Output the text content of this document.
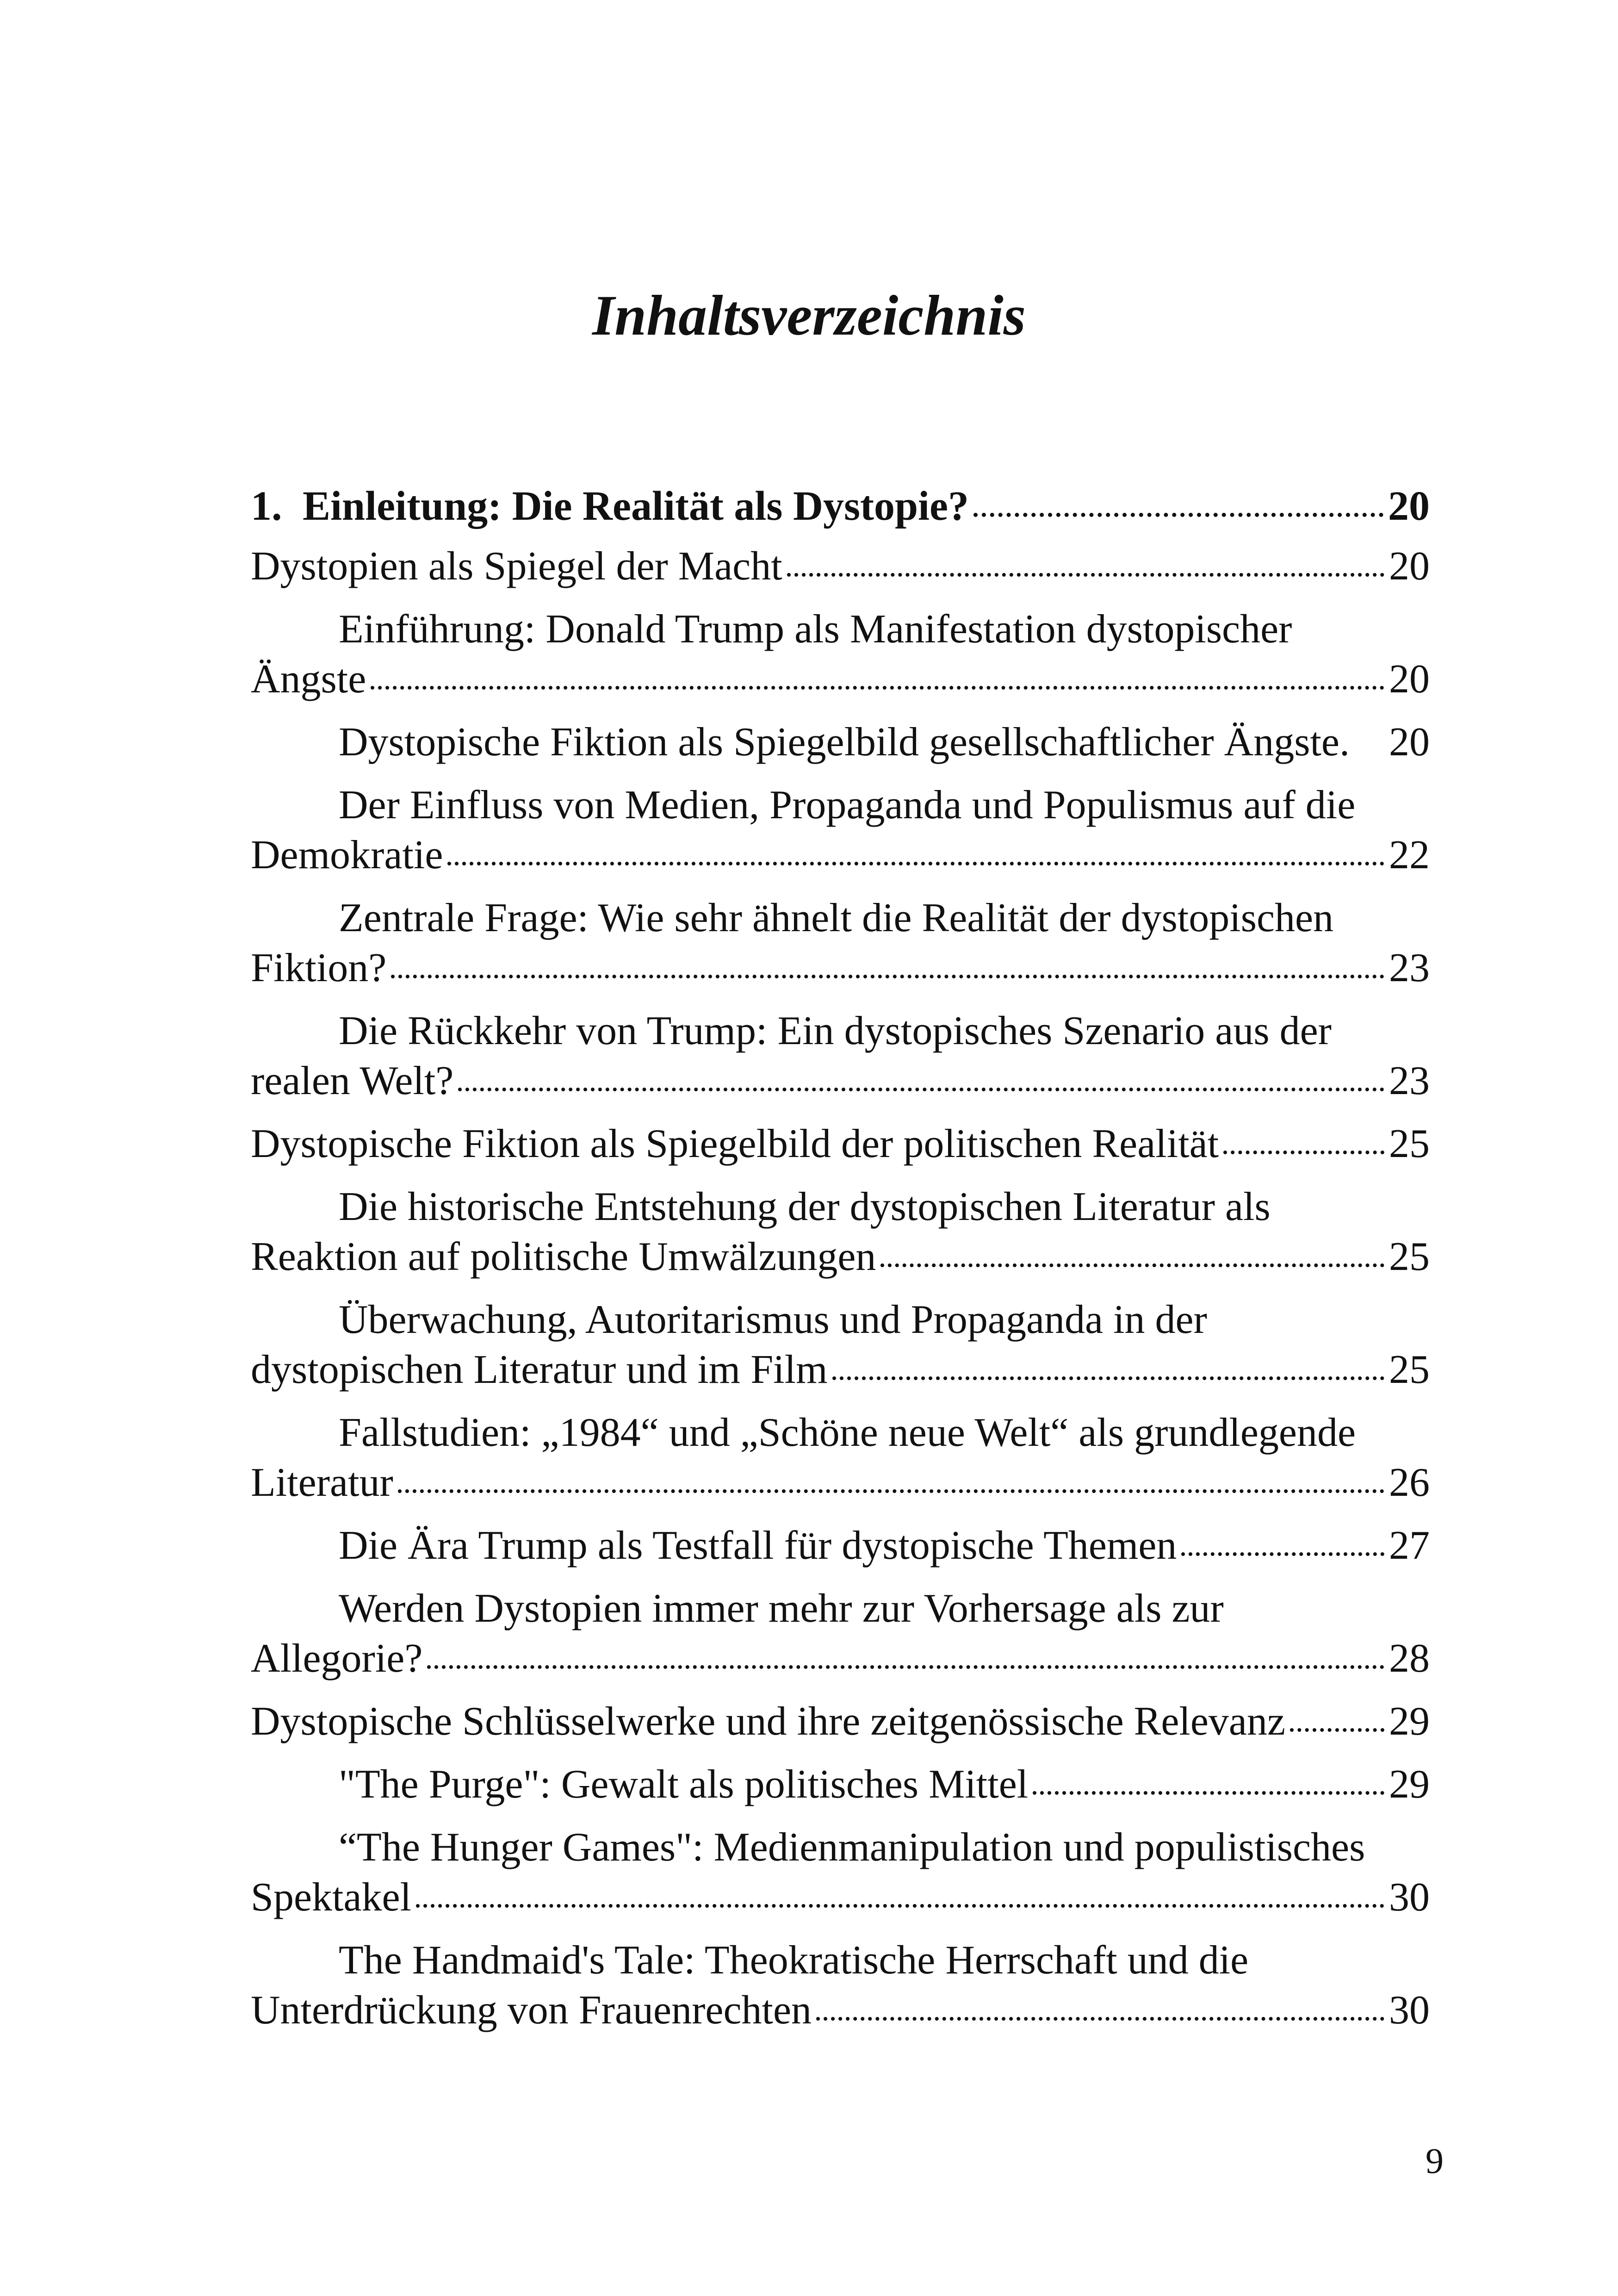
Inhaltsverzeichnis
1. Einleitung: Die Realität als Dystopie?	20
Dystopien als Spiegel der Macht	20
Einführung: Donald Trump als Manifestation dystopischer
Ängste	20
Dystopische Fiktion als Spiegelbild gesellschaftlicher Ängste. 20
Der Einfluss von Medien, Propaganda und Populismus auf die
Demokratie	22
Zentrale Frage: Wie sehr ähnelt die Realität der dystopischen
Fiktion?	23
Die Rückkehr von Trump: Ein dystopisches Szenario aus der
realen Welt?	23
Dystopische Fiktion als Spiegelbild der politischen Realität	25
Die historische Entstehung der dystopischen Literatur als
Reaktion auf politische Umwälzungen	25
Überwachung, Autoritarismus und Propaganda in der
dystopischen Literatur und im Film	25
Fallstudien: „1984“ und „Schöne neue Welt“ als grundlegende
Literatur	26
Die Ära Trump als Testfall für dystopische Themen	27
Werden Dystopien immer mehr zur Vorhersage als zur
Allegorie?	28
Dystopische Schlüsselwerke und ihre zeitgenössische Relevanz	29
"The Purge": Gewalt als politisches Mittel	29
“The Hunger Games": Medienmanipulation und populistisches
Spektakel	30
The Handmaid's Tale: Theokratische Herrschaft und die
Unterdrückung von Frauenrechten	30
9
